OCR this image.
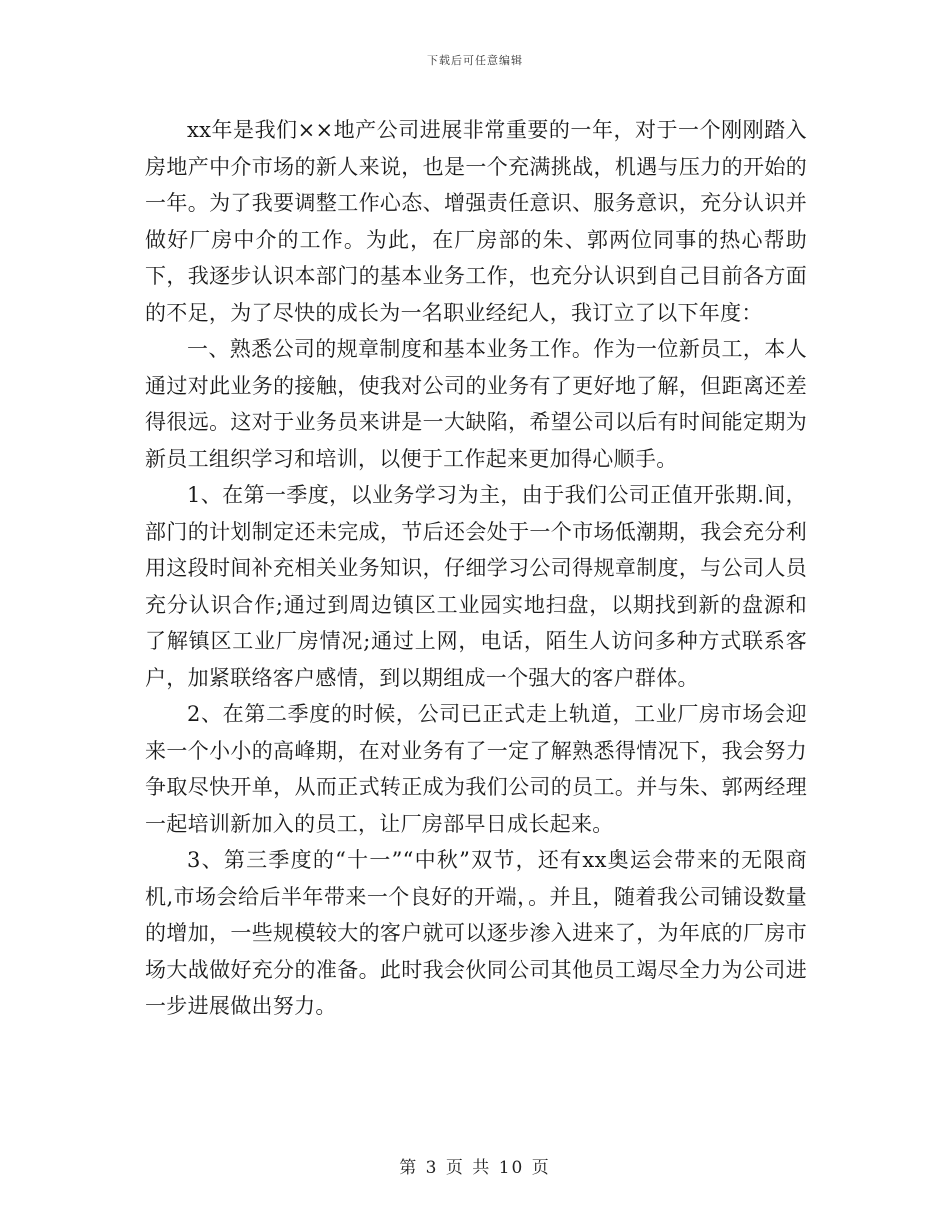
下载后可任意编辑

xx年是我们××地产公司进展非常重要的一年，对于一个刚刚踏入房地产中介市场的新人来说，也是一个充满挑战，机遇与压力的开始的一年。为了我要调整工作心态、增强责任意识、服务意识，充分认识并做好厂房中介的工作。为此，在厂房部的朱、郭两位同事的热心帮助下，我逐步认识本部门的基本业务工作，也充分认识到自己目前各方面的不足，为了尽快的成长为一名职业经纪人，我订立了以下年度：

一、熟悉公司的规章制度和基本业务工作。作为一位新员工，本人通过对此业务的接触，使我对公司的业务有了更好地了解，但距离还差得很远。这对于业务员来讲是一大缺陷，希望公司以后有时间能定期为新员工组织学习和培训，以便于工作起来更加得心顺手。

1、在第一季度，以业务学习为主，由于我们公司正值开张期.间，部门的计划制定还未完成，节后还会处于一个市场低潮期，我会充分利用这段时间补充相关业务知识，仔细学习公司得规章制度，与公司人员充分认识合作;通过到周边镇区工业园实地扫盘，以期找到新的盘源和了解镇区工业厂房情况;通过上网，电话，陌生人访问多种方式联系客户，加紧联络客户感情，到以期组成一个强大的客户群体。

2、在第二季度的时候，公司已正式走上轨道，工业厂房市场会迎来一个小小的高峰期，在对业务有了一定了解熟悉得情况下，我会努力争取尽快开单，从而正式转正成为我们公司的员工。并与朱、郭两经理一起培训新加入的员工，让厂房部早日成长起来。

3、第三季度的“十一”“中秋”双节，还有xx奥运会带来的无限商机,市场会给后半年带来一个良好的开端，。并且，随着我公司铺设数量的增加，一些规模较大的客户就可以逐步渗入进来了，为年底的厂房市场大战做好充分的准备。此时我会伙同公司其他员工竭尽全力为公司进一步进展做出努力。

第 3 页 共 10 页
